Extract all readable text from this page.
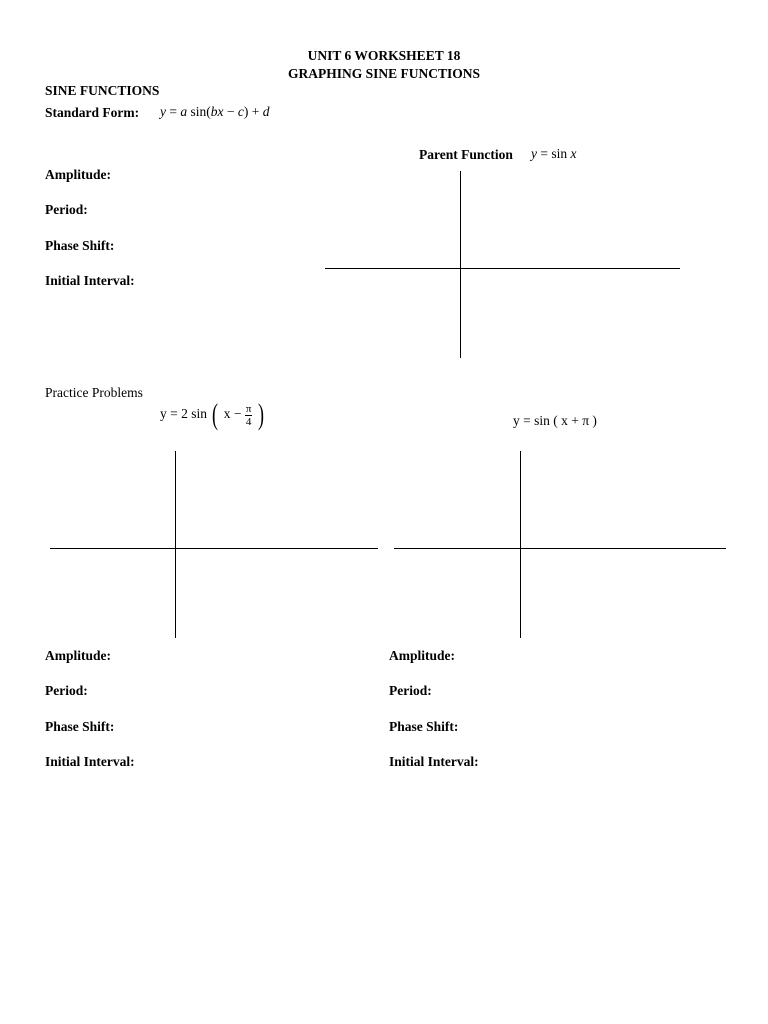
UNIT 6 WORKSHEET 18
GRAPHING SINE FUNCTIONS
SINE FUNCTIONS
Standard Form: y = a sin(bx − c) + d
Parent Function y = sin x
Amplitude:
Period:
Phase Shift:
Initial Interval:
Practice Problems
y = 2 sin ( $x - \frac{\pi}{4}$ )	y = sin ( x + π )
Amplitude:
Period:
Phase Shift:
Initial Interval:
Amplitude:
Period:
Phase Shift:
Initial Interval:
